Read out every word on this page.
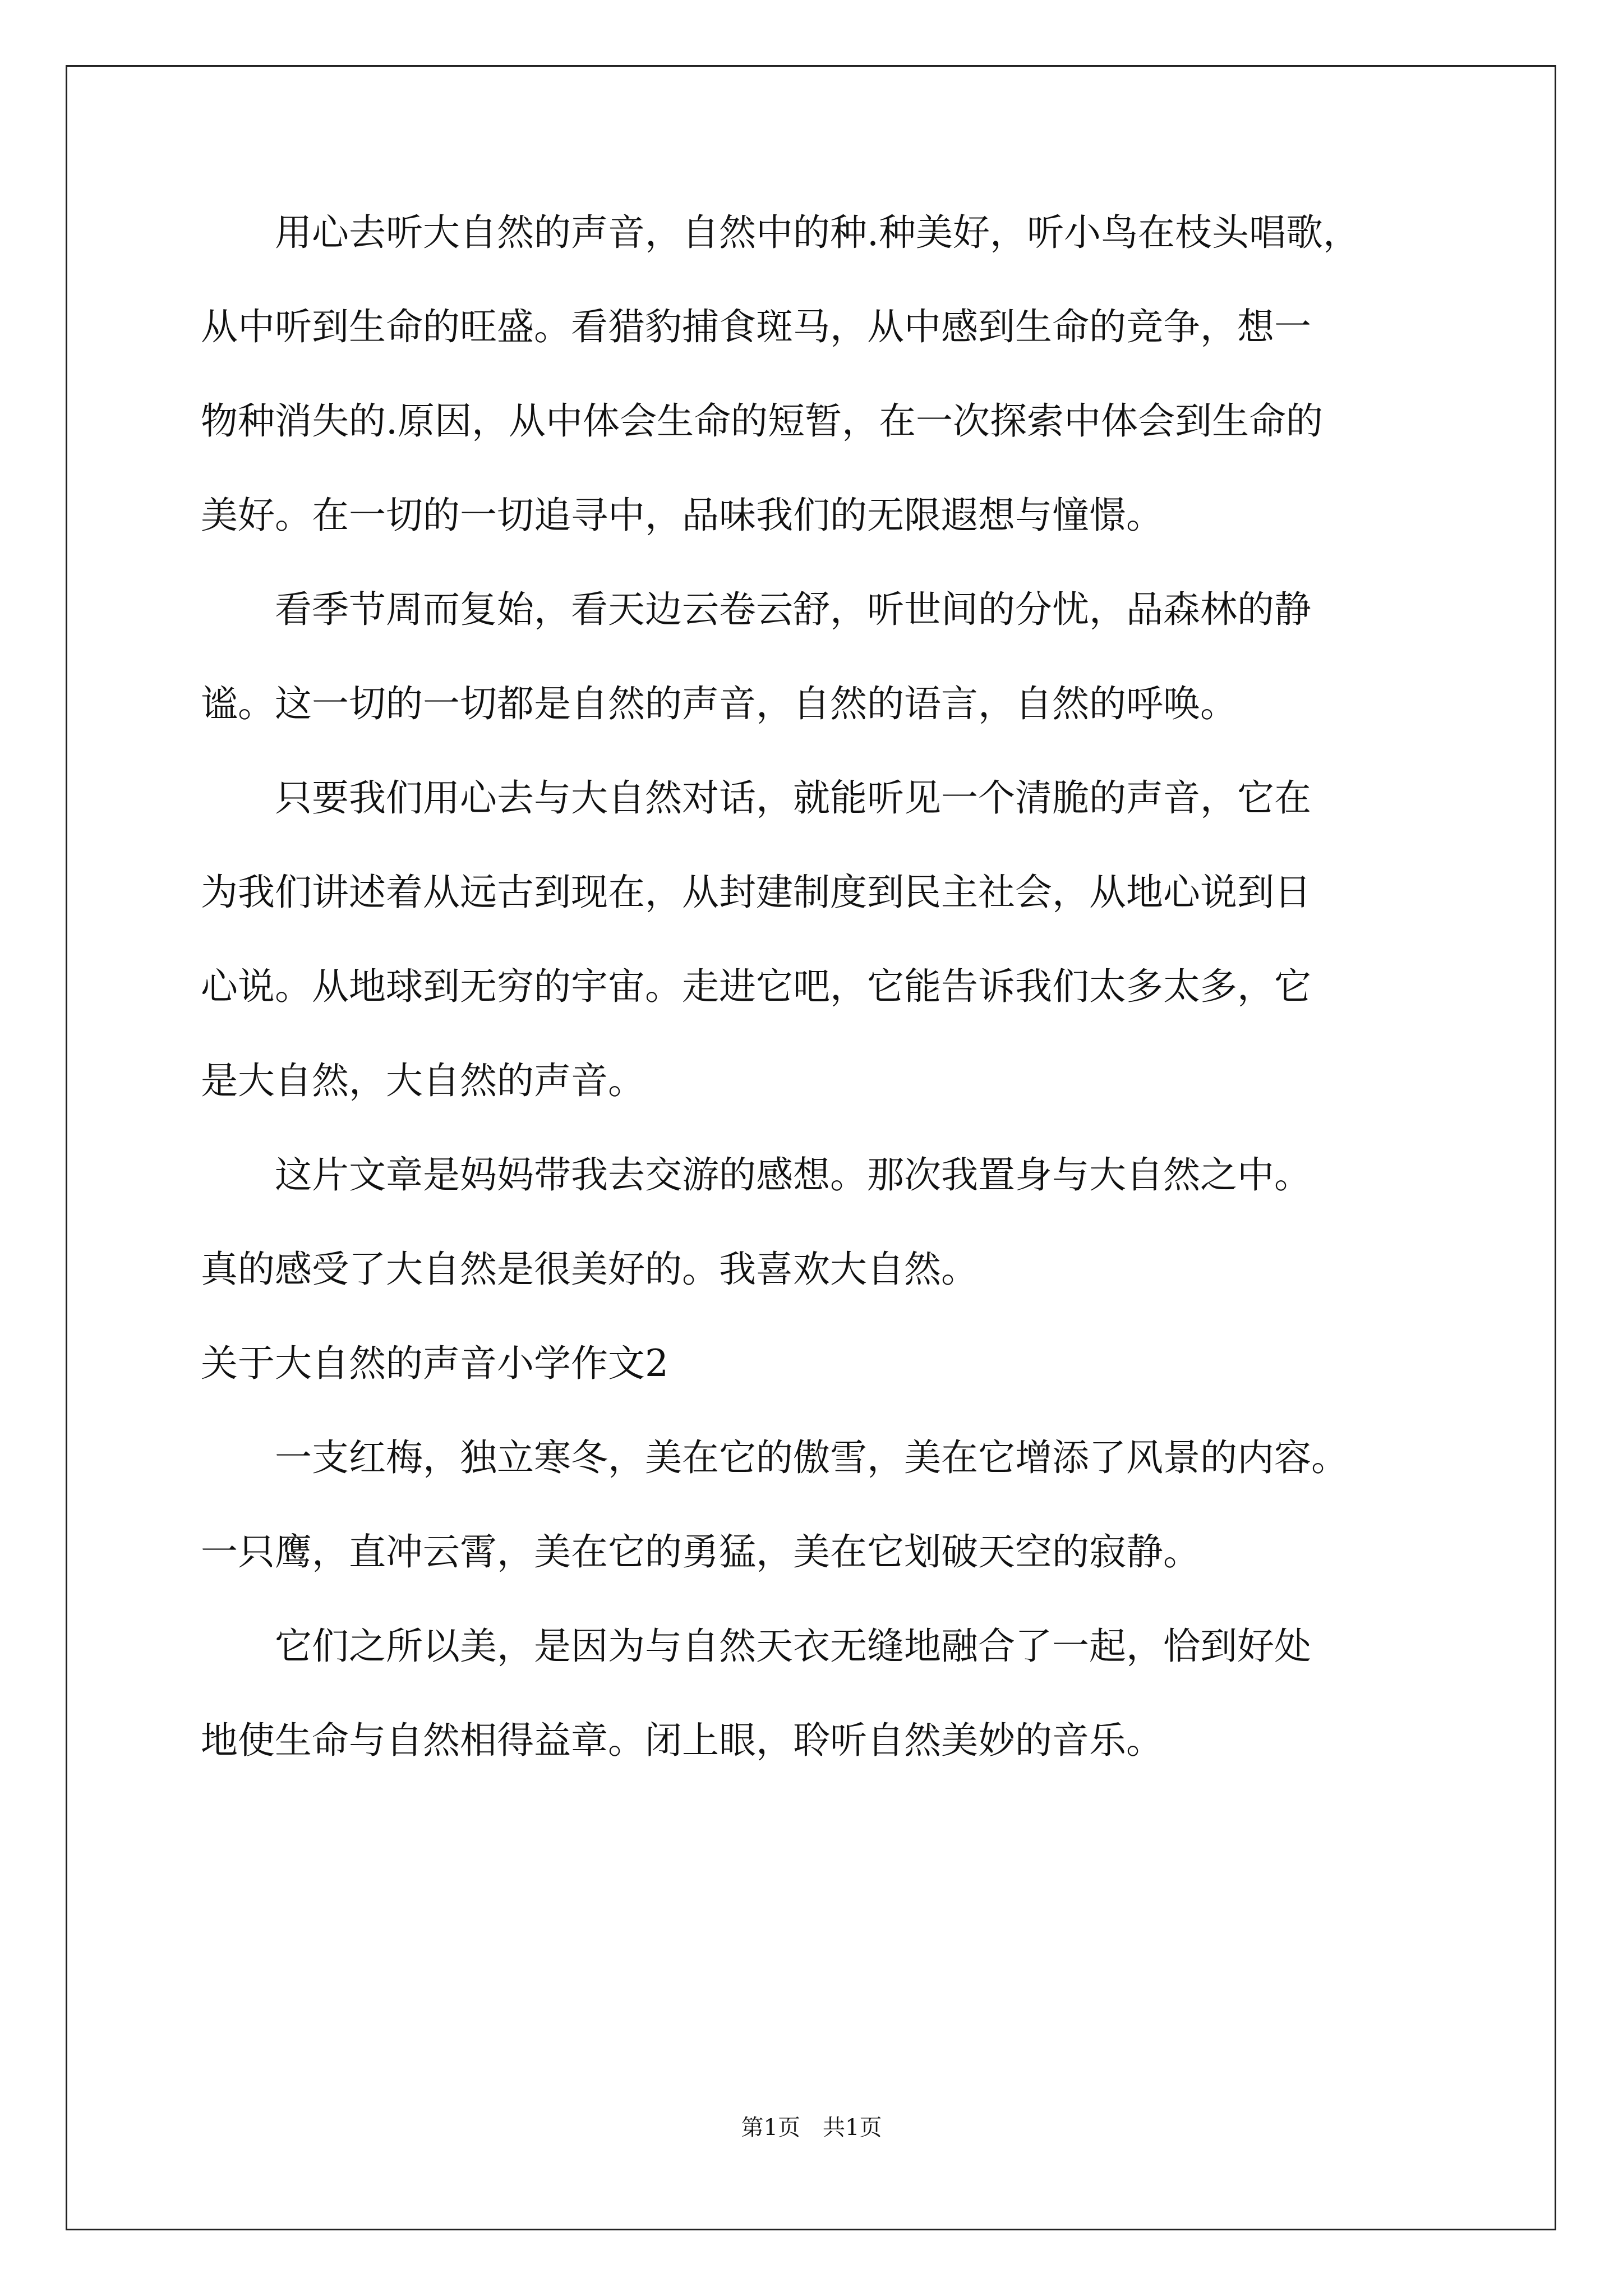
　　用心去听大自然的声音，自然中的种.种美好，听小鸟在枝头唱歌，
从中听到生命的旺盛。看猎豹捕食斑马，从中感到生命的竞争，想一
物种消失的.原因，从中体会生命的短暂，在一次探索中体会到生命的
美好。在一切的一切追寻中，品味我们的无限遐想与憧憬。
　　看季节周而复始，看天边云卷云舒，听世间的分忧，品森林的静
谧。这一切的一切都是自然的声音，自然的语言，自然的呼唤。
　　只要我们用心去与大自然对话，就能听见一个清脆的声音，它在
为我们讲述着从远古到现在，从封建制度到民主社会，从地心说到日
心说。从地球到无穷的宇宙。走进它吧，它能告诉我们太多太多，它
是大自然，大自然的声音。
　　这片文章是妈妈带我去交游的感想。那次我置身与大自然之中。
真的感受了大自然是很美好的。我喜欢大自然。
关于大自然的声音小学作文2
　　一支红梅，独立寒冬，美在它的傲雪，美在它增添了风景的内容。
一只鹰，直冲云霄，美在它的勇猛，美在它划破天空的寂静。
　　它们之所以美，是因为与自然天衣无缝地融合了一起，恰到好处
地使生命与自然相得益章。闭上眼，聆听自然美妙的音乐。
第1页　共1页
